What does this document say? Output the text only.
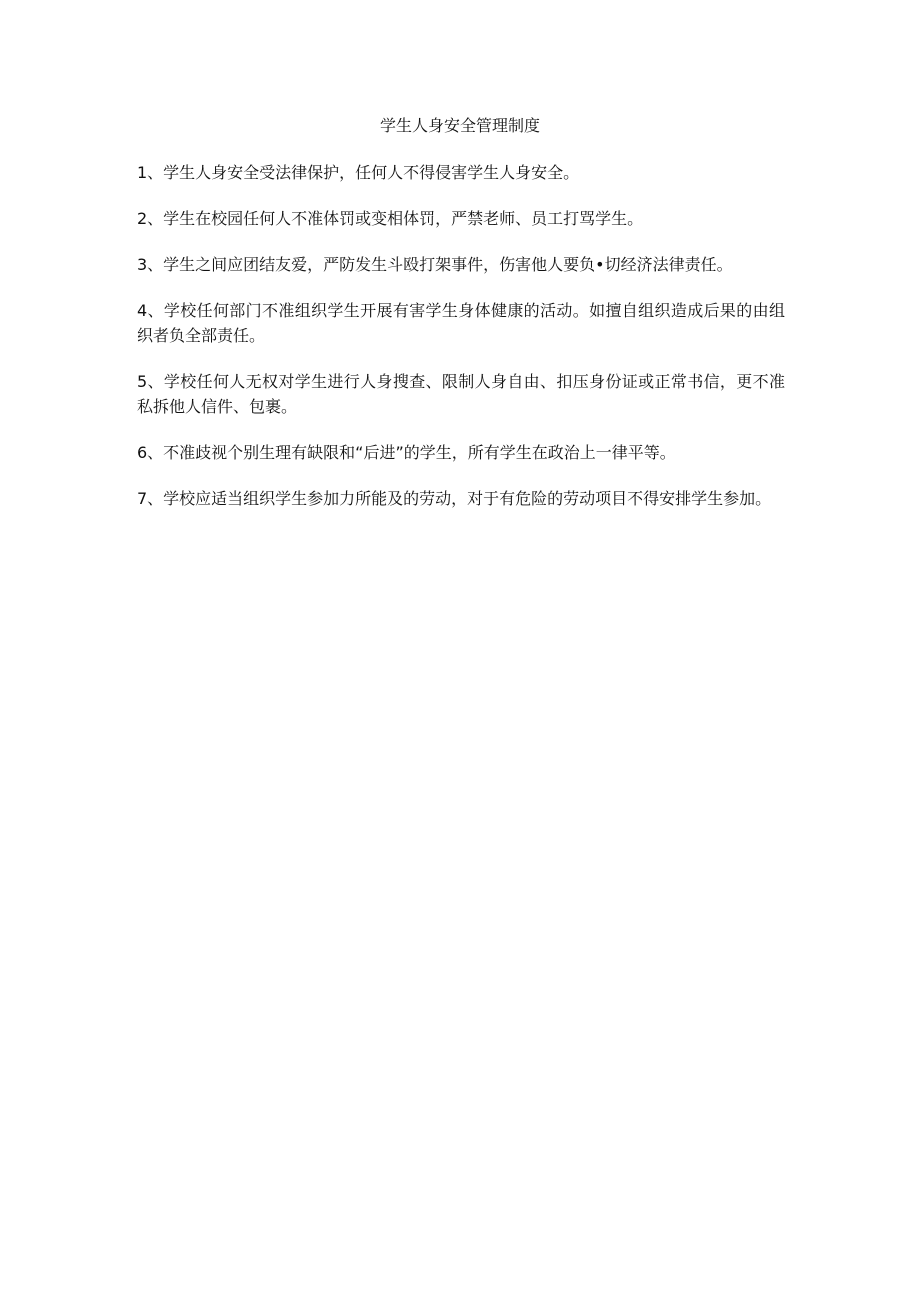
学生人身安全管理制度
1、学生人身安全受法律保护，任何人不得侵害学生人身安全。
2、学生在校园任何人不准体罚或变相体罚，严禁老师、员工打骂学生。
3、学生之间应团结友爱，严防发生斗殴打架事件，伤害他人要负•切经济法律责任。
4、学校任何部门不准组织学生开展有害学生身体健康的活动。如擅自组织造成后果的由组织者负全部责任。
5、学校任何人无权对学生进行人身搜查、限制人身自由、扣压身份证或正常书信，更不准私拆他人信件、包裹。
6、不准歧视个别生理有缺限和“后进”的学生，所有学生在政治上一律平等。
7、学校应适当组织学生参加力所能及的劳动，对于有危险的劳动项目不得安排学生参加。
